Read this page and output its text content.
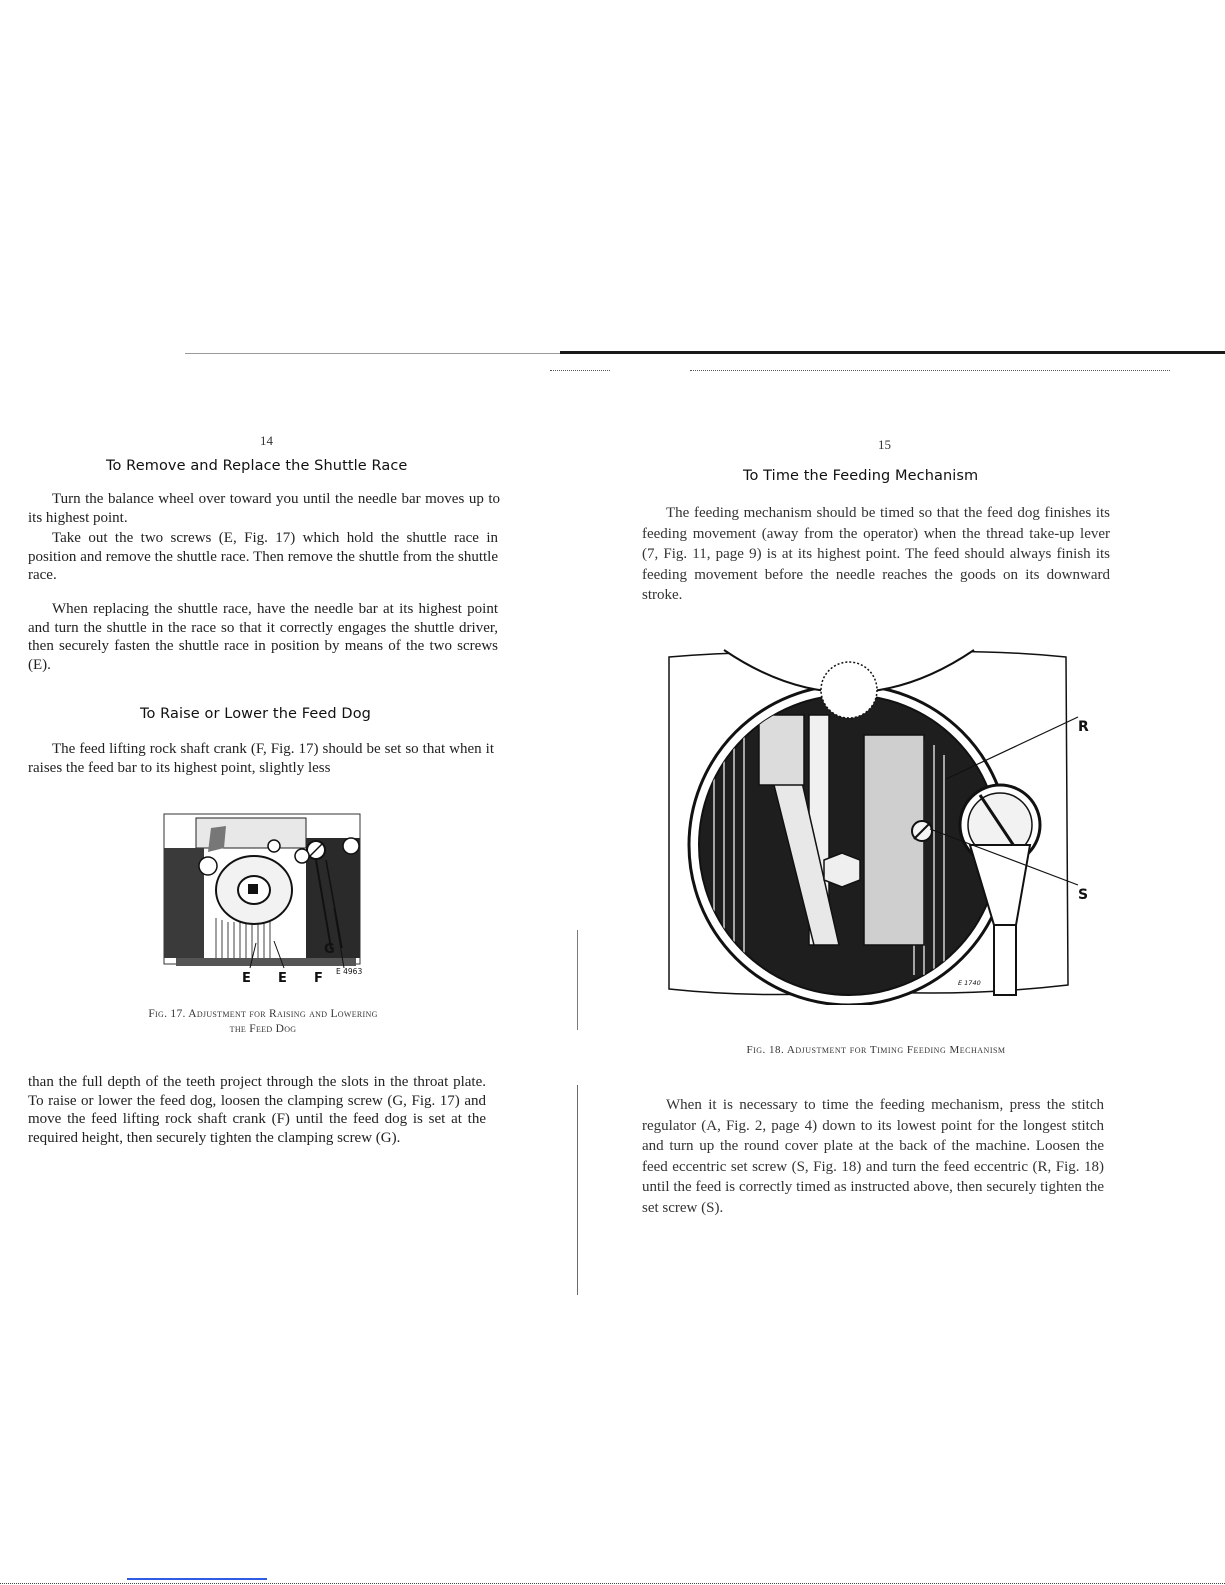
14
To Remove and Replace the Shuttle Race

Turn the balance wheel over toward you until the needle bar moves up to its highest point.

Take out the two screws (E, Fig. 17) which hold the shuttle race in position and remove the shuttle race. Then remove the shuttle from the shuttle race.

When replacing the shuttle race, have the needle bar at its highest point and turn the shuttle in the race so that it correctly engages the shuttle driver, then securely fasten the shuttle race in position by means of the two screws (E).

To Raise or Lower the Feed Dog

The feed lifting rock shaft crank (F, Fig. 17) should be set so that when it raises the feed bar to its highest point, slightly less

G
E E F E 4963

Fig. 17. Adjustment for Raising and Lowering

the Feed Dog

than the full depth of the teeth project through the slots in the throat plate. To raise or lower the feed dog, loosen the clamping screw (G, Fig. 17) and move the feed lifting rock shaft crank (F) until the feed dog is set at the required height, then securely tighten the clamping screw (G).

15
To Time the Feeding Mechanism

The feeding mechanism should be timed so that the feed dog finishes its feeding movement (away from the operator) when the thread take-up lever (7, Fig. 11, page 9) is at its highest point. The feed should always finish its feeding movement before the needle reaches the goods on its downward stroke.

R
S
E 1740

Fig. 18. Adjustment for Timing Feeding Mechanism

When it is necessary to time the feeding mechanism, press the stitch regulator (A, Fig. 2, page 4) down to its lowest point for the longest stitch and turn up the round cover plate at the back of the machine. Loosen the feed eccentric set screw (S, Fig. 18) and turn the feed eccentric (R, Fig. 18) until the feed is correctly timed as instructed above, then securely tighten the set screw (S).
